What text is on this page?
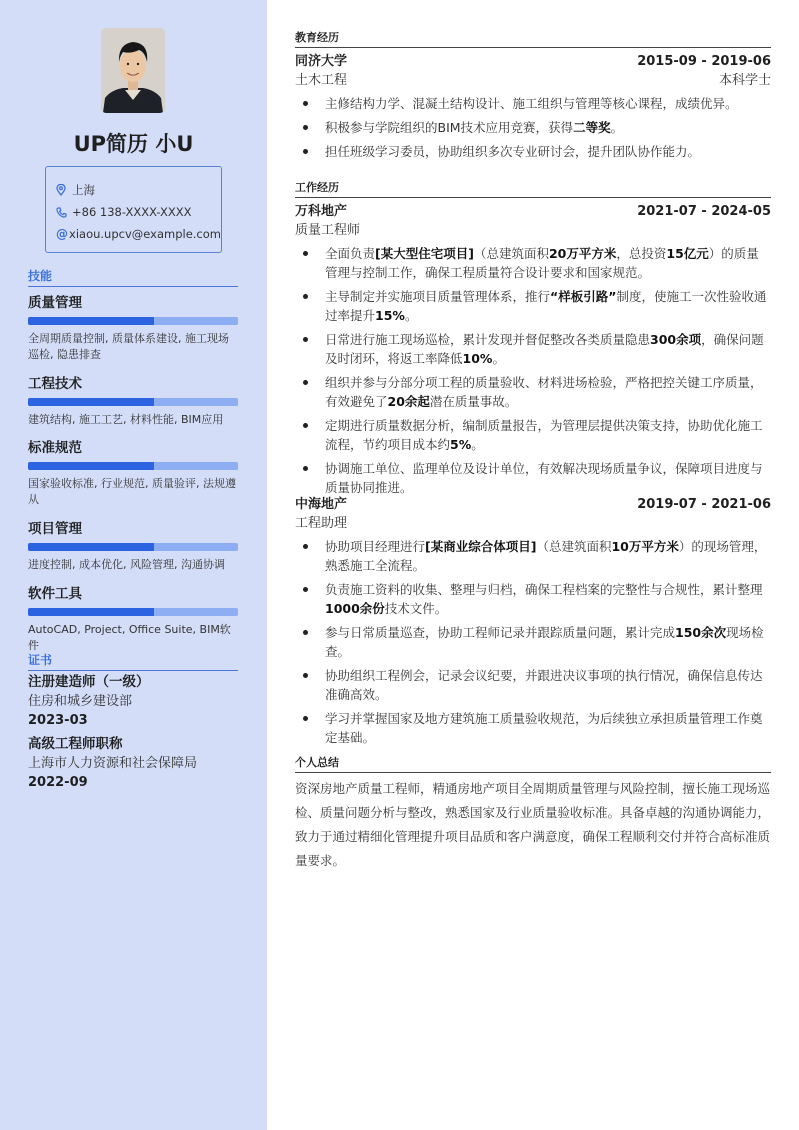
UP简历 小U
上海
+86 138-XXXX-XXXX
@ xiaou.upcv@example.com
技能
质量管理
全周期质量控制, 质量体系建设, 施工现场巡检, 隐患排查
工程技术
建筑结构, 施工工艺, 材料性能, BIM应用
标准规范
国家验收标准, 行业规范, 质量验评, 法规遵从
项目管理
进度控制, 成本优化, 风险管理, 沟通协调
软件工具
AutoCAD, Project, Office Suite, BIM软件
证书
注册建造师（一级）
住房和城乡建设部
2023-03
高级工程师职称
上海市人力资源和社会保障局
2022-09
教育经历
同济大学	2015-09 - 2019-06
土木工程	本科学士
主修结构力学、混凝土结构设计、施工组织与管理等核心课程，成绩优异。
积极参与学院组织的BIM技术应用竞赛，获得二等奖。
担任班级学习委员，协助组织多次专业研讨会，提升团队协作能力。
工作经历
万科地产	2021-07 - 2024-05
质量工程师
全面负责[某大型住宅项目]（总建筑面积20万平方米，总投资15亿元）的质量管理与控制工作，确保工程质量符合设计要求和国家规范。
主导制定并实施项目质量管理体系，推行“样板引路”制度，使施工一次性验收通过率提升15%。
日常进行施工现场巡检，累计发现并督促整改各类质量隐患300余项，确保问题及时闭环，将返工率降低10%。
组织并参与分部分项工程的质量验收、材料进场检验，严格把控关键工序质量，有效避免了20余起潜在质量事故。
定期进行质量数据分析，编制质量报告，为管理层提供决策支持，协助优化施工流程，节约项目成本约5%。
协调施工单位、监理单位及设计单位，有效解决现场质量争议，保障项目进度与质量协同推进。
中海地产	2019-07 - 2021-06
工程助理
协助项目经理进行[某商业综合体项目]（总建筑面积10万平方米）的现场管理，熟悉施工全流程。
负责施工资料的收集、整理与归档，确保工程档案的完整性与合规性，累计整理1000余份技术文件。
参与日常质量巡查，协助工程师记录并跟踪质量问题，累计完成150余次现场检查。
协助组织工程例会，记录会议纪要，并跟进决议事项的执行情况，确保信息传达准确高效。
学习并掌握国家及地方建筑施工质量验收规范，为后续独立承担质量管理工作奠定基础。
个人总结
资深房地产质量工程师，精通房地产项目全周期质量管理与风险控制，擅长施工现场巡检、质量问题分析与整改，熟悉国家及行业质量验收标准。具备卓越的沟通协调能力，致力于通过精细化管理提升项目品质和客户满意度，确保工程顺利交付并符合高标准质量要求。
